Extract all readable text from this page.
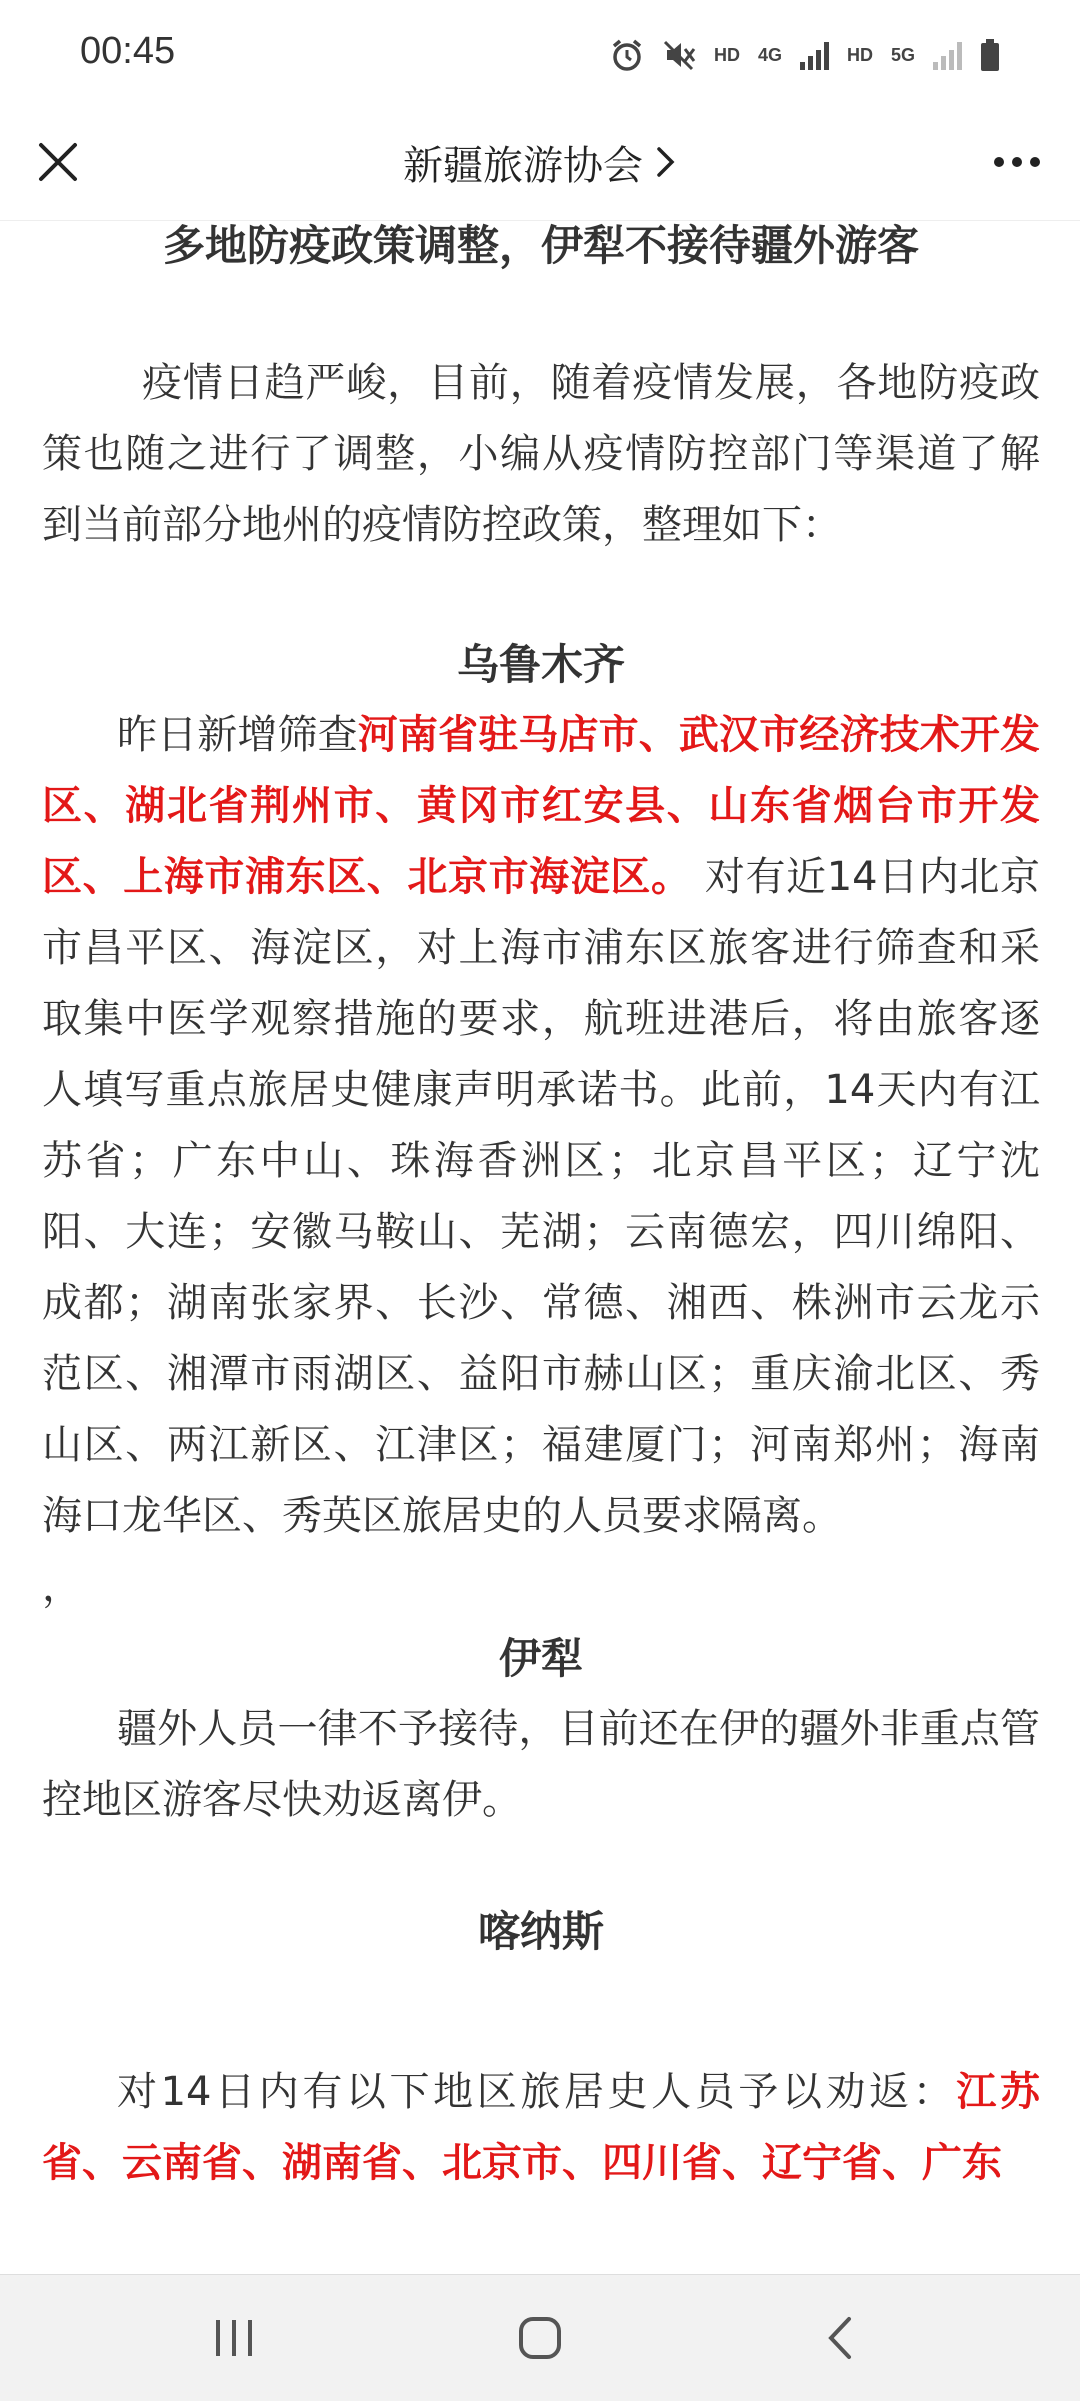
00:45	HD 4G	HD 5G
新疆旅游协会

多地防疫政策调整，伊犁不接待疆外游客

疫情日趋严峻，目前，随着疫情发展，各地防疫政策也随之进行了调整，小编从疫情防控部门等渠道了解到当前部分地州的疫情防控政策，整理如下：

乌鲁木齐

昨日新增筛查河南省驻马店市、武汉市经济技术开发区、湖北省荆州市、黄冈市红安县、山东省烟台市开发区、上海市浦东区、北京市海淀区。 对有近14日内北京市昌平区、海淀区，对上海市浦东区旅客进行筛查和采取集中医学观察措施的要求，航班进港后，将由旅客逐人填写重点旅居史健康声明承诺书。此前，14天内有江苏省；广东中山、珠海香洲区；北京昌平区；辽宁沈阳、大连；安徽马鞍山、芜湖；云南德宏，四川绵阳、成都；湖南张家界、长沙、常德、湘西、株洲市云龙示范区、湘潭市雨湖区、益阳市赫山区；重庆渝北区、秀山区、两江新区、江津区；福建厦门；河南郑州；海南海口龙华区、秀英区旅居史的人员要求隔离。

，

伊犁

疆外人员一律不予接待，目前还在伊的疆外非重点管控地区游客尽快劝返离伊。

喀纳斯

对14日内有以下地区旅居史人员予以劝返：江苏省、云南省、湖南省、北京市、四川省、辽宁省、广东
